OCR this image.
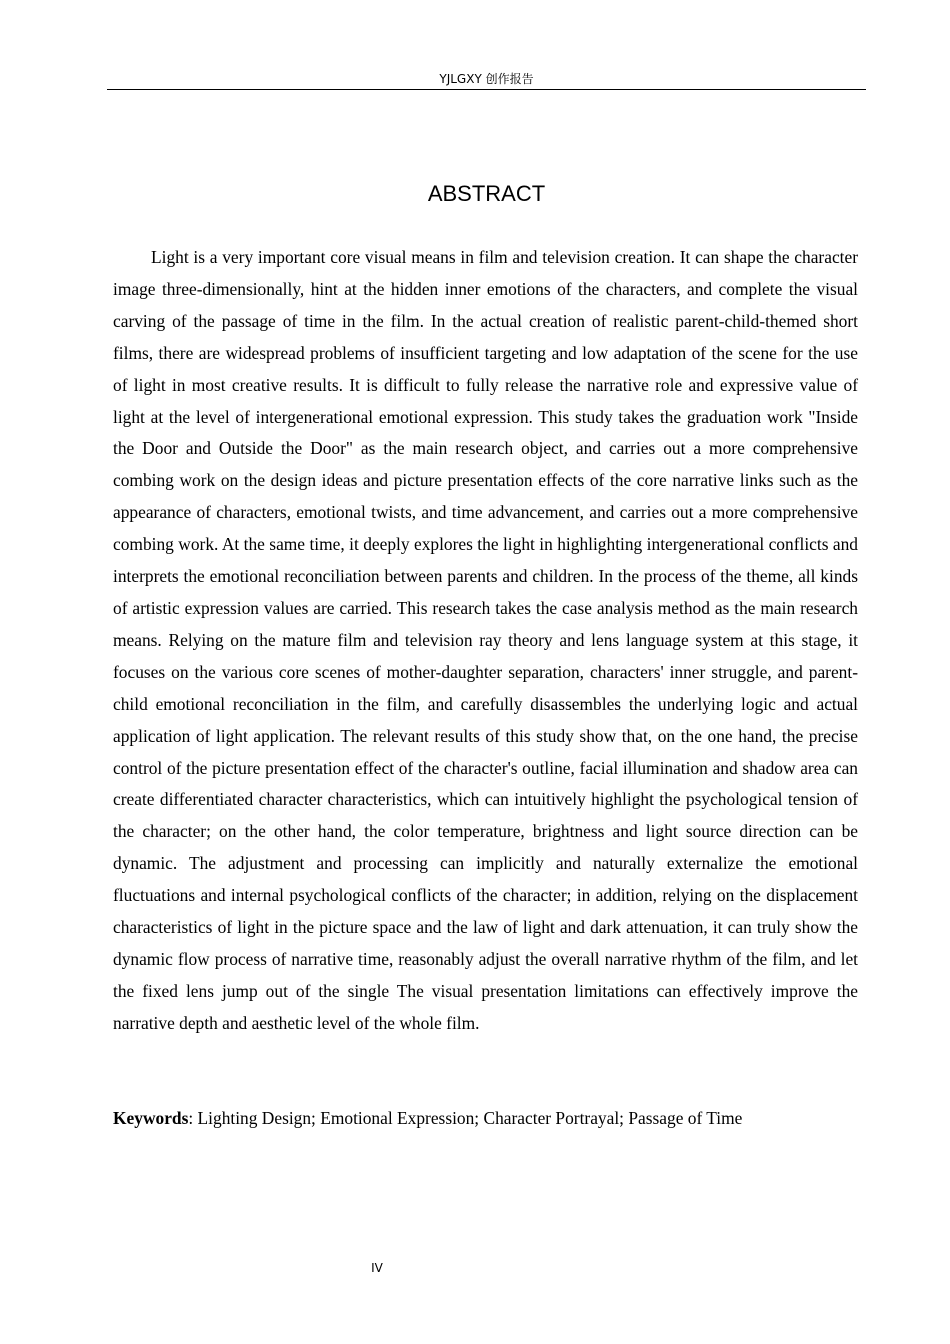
YJLGXY 创作报告
ABSTRACT

Light is a very important core visual means in film and television creation. It can shape the character image three-dimensionally, hint at the hidden inner emotions of the characters, and complete the visual carving of the passage of time in the film. In the actual creation of realistic parent-child-themed short films, there are widespread problems of insufficient targeting and low adaptation of the scene for the use of light in most creative results. It is difficult to fully release the narrative role and expressive value of light at the level of intergenerational emotional expression. This study takes the graduation work "Inside the Door and Outside the Door" as the main research object, and carries out a more comprehensive combing work on the design ideas and picture presentation effects of the core narrative links such as the appearance of characters, emotional twists, and time advancement, and carries out a more comprehensive combing work. At the same time, it deeply explores the light in highlighting intergenerational conflicts and interprets the emotional reconciliation between parents and children. In the process of the theme, all kinds of artistic expression values are carried. This research takes the case analysis method as the main research means. Relying on the mature film and television ray theory and lens language system at this stage, it focuses on the various core scenes of mother-daughter separation, characters' inner struggle, and parent-child emotional reconciliation in the film, and carefully disassembles the underlying logic and actual application of light application. The relevant results of this study show that, on the one hand, the precise control of the picture presentation effect of the character's outline, facial illumination and shadow area can create differentiated character characteristics, which can intuitively highlight the psychological tension of the character; on the other hand, the color temperature, brightness and light source direction can be dynamic. The adjustment and processing can implicitly and naturally externalize the emotional fluctuations and internal psychological conflicts of the character; in addition, relying on the displacement characteristics of light in the picture space and the law of light and dark attenuation, it can truly show the dynamic flow process of narrative time, reasonably adjust the overall narrative rhythm of the film, and let the fixed lens jump out of the single The visual presentation limitations can effectively improve the narrative depth and aesthetic level of the whole film.

Keywords: Lighting Design; Emotional Expression; Character Portrayal; Passage of Time

IV
